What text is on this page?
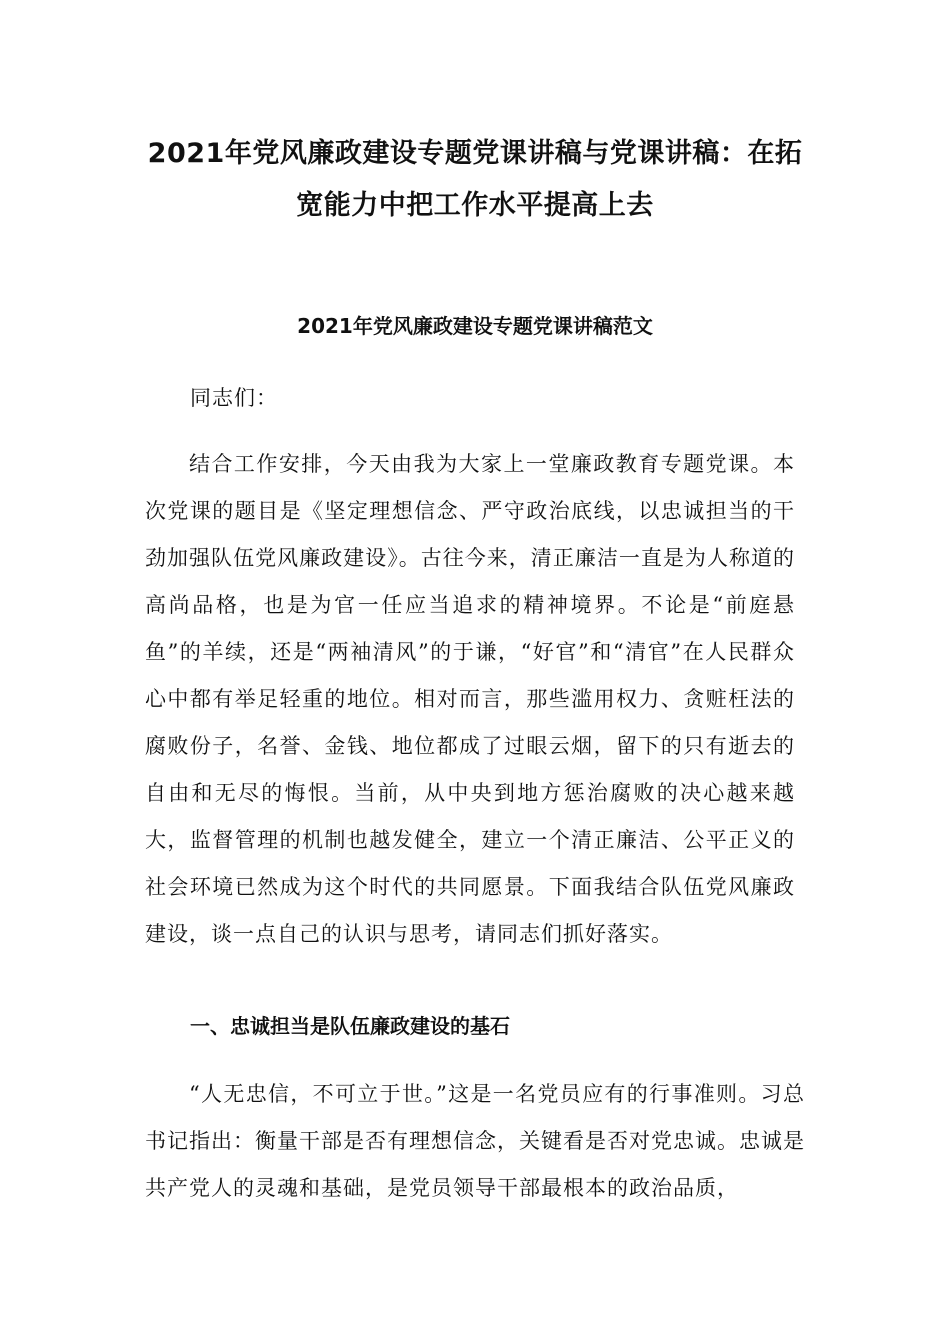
2021年党风廉政建设专题党课讲稿与党课讲稿：在拓宽能力中把工作水平提高上去
2021年党风廉政建设专题党课讲稿范文

同志们：

结合工作安排，今天由我为大家上一堂廉政教育专题党课。本次党课的题目是《坚定理想信念、严守政治底线，以忠诚担当的干劲加强队伍党风廉政建设》。古往今来，清正廉洁一直是为人称道的高尚品格，也是为官一任应当追求的精神境界。不论是“前庭悬鱼”的羊续，还是“两袖清风”的于谦，“好官”和“清官”在人民群众心中都有举足轻重的地位。相对而言，那些滥用权力、贪赃枉法的腐败份子，名誉、金钱、地位都成了过眼云烟，留下的只有逝去的自由和无尽的悔恨。当前，从中央到地方惩治腐败的决心越来越大，监督管理的机制也越发健全，建立一个清正廉洁、公平正义的社会环境已然成为这个时代的共同愿景。下面我结合队伍党风廉政建设，谈一点自己的认识与思考，请同志们抓好落实。

一、忠诚担当是队伍廉政建设的基石

“人无忠信，不可立于世。”这是一名党员应有的行事准则。习总书记指出：衡量干部是否有理想信念，关键看是否对党忠诚。忠诚是共产党人的灵魂和基础，是党员领导干部最根本的政治品质，
